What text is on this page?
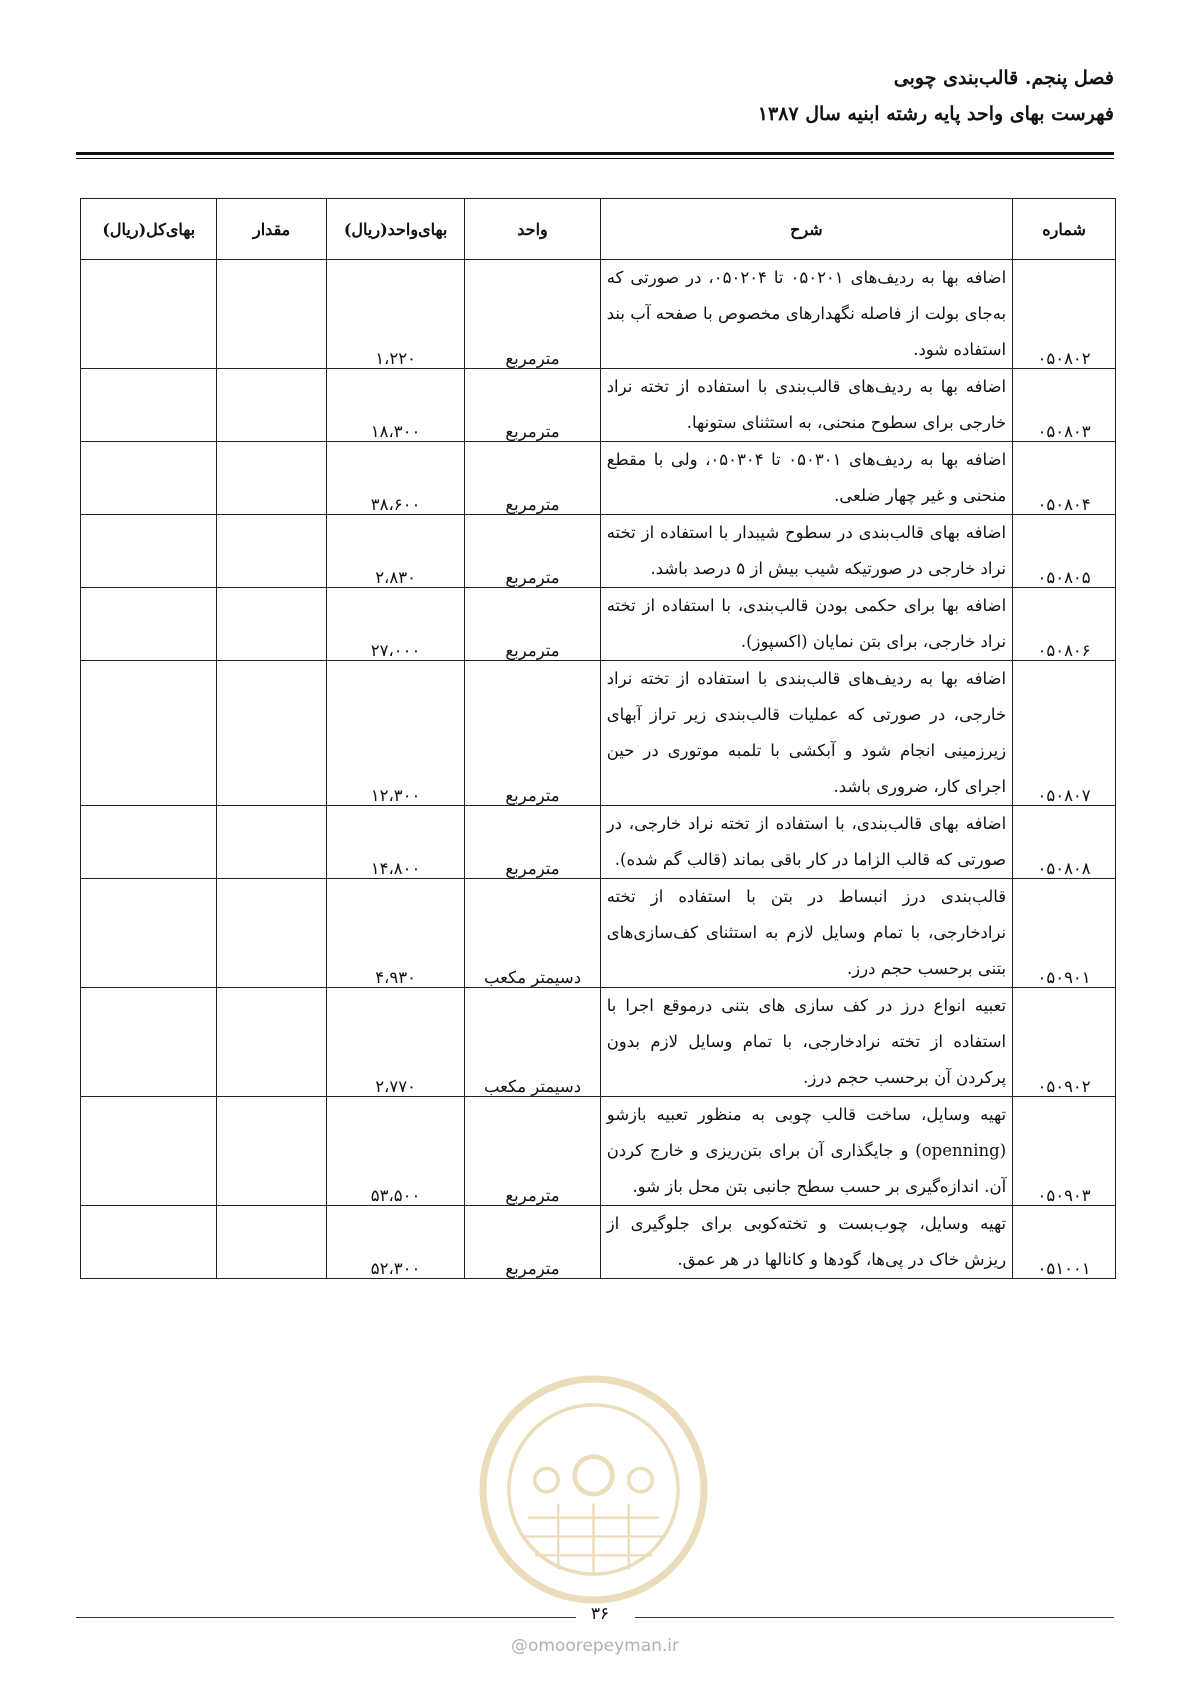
فصل پنجم. قالب‌بندی چوبی
فهرست بهای واحد پایه رشته ابنیه سال ۱۳۸۷
شماره	شرح	واحد	بهای‌واحد(ریال)	مقدار	بهای‌کل(ریال)
۰۵۰۸۰۲	اضافه بها به ردیف‌های ۰۵۰۲۰۱ تا ۰۵۰۲۰۴، در صورتی که به‌جای بولت از فاصله نگهدارهای مخصوص با صفحه آب بند استفاده شود.	مترمربع	۱،۲۲۰		
۰۵۰۸۰۳	اضافه بها به ردیف‌های قالب‌بندی با استفاده از تخته نراد خارجی برای سطوح منحنی، به استثنای ستونها.	مترمربع	۱۸،۳۰۰		
۰۵۰۸۰۴	اضافه بها به ردیف‌های ۰۵۰۳۰۱ تا ۰۵۰۳۰۴، ولی با مقطع منحنی و غیر چهار ضلعی.	مترمربع	۳۸،۶۰۰		
۰۵۰۸۰۵	اضافه بهای قالب‌بندی در سطوح شیبدار با استفاده از تخته نراد خارجی در صورتیکه شیب بیش از ۵ درصد باشد.	مترمربع	۲،۸۳۰		
۰۵۰۸۰۶	اضافه بها برای حکمی بودن قالب‌بندی، با استفاده از تخته نراد خارجی، برای بتن نمایان (اکسپوز).	مترمربع	۲۷،۰۰۰		
۰۵۰۸۰۷	اضافه بها به ردیف‌های قالب‌بندی با استفاده از تخته نراد خارجی، در صورتی که عملیات قالب‌بندی زیر تراز آبهای زیرزمینی انجام شود و آبکشی با تلمبه موتوری در حین اجرای کار، ضروری باشد.	مترمربع	۱۲،۳۰۰		
۰۵۰۸۰۸	اضافه بهای قالب‌بندی، با استفاده از تخته نراد خارجی، در صورتی که قالب الزاما در کار باقی بماند (قالب گم شده).	مترمربع	۱۴،۸۰۰		
۰۵۰۹۰۱	قالب‌بندی درز انبساط در بتن با استفاده از تخته نرادخارجی، با تمام وسایل لازم به استثنای کف‌سازی‌های بتنی برحسب حجم درز.	دسیمتر مکعب	۴،۹۳۰		
۰۵۰۹۰۲	تعبیه انواع درز در کف سازی های بتنی درموقع اجرا با استفاده از تخته نرادخارجی، با تمام وسایل لازم بدون پرکردن آن برحسب حجم درز.	دسیمتر مکعب	۲،۷۷۰		
۰۵۰۹۰۳	تهیه وسایل، ساخت قالب چوبی به منظور تعبیه بازشو (openning) و جایگذاری آن برای بتن‌ریزی و خارج کردن آن. اندازه‌گیری بر حسب سطح جانبی بتن محل باز شو.	مترمربع	۵۳،۵۰۰		
۰۵۱۰۰۱	تهیه وسایل، چوب‌بست و تخته‌کوبی برای جلوگیری از ریزش خاک در پی‌ها، گودها و کانالها در هر عمق.	مترمربع	۵۲،۳۰۰		
۳۶
@omoorepeyman.ir
